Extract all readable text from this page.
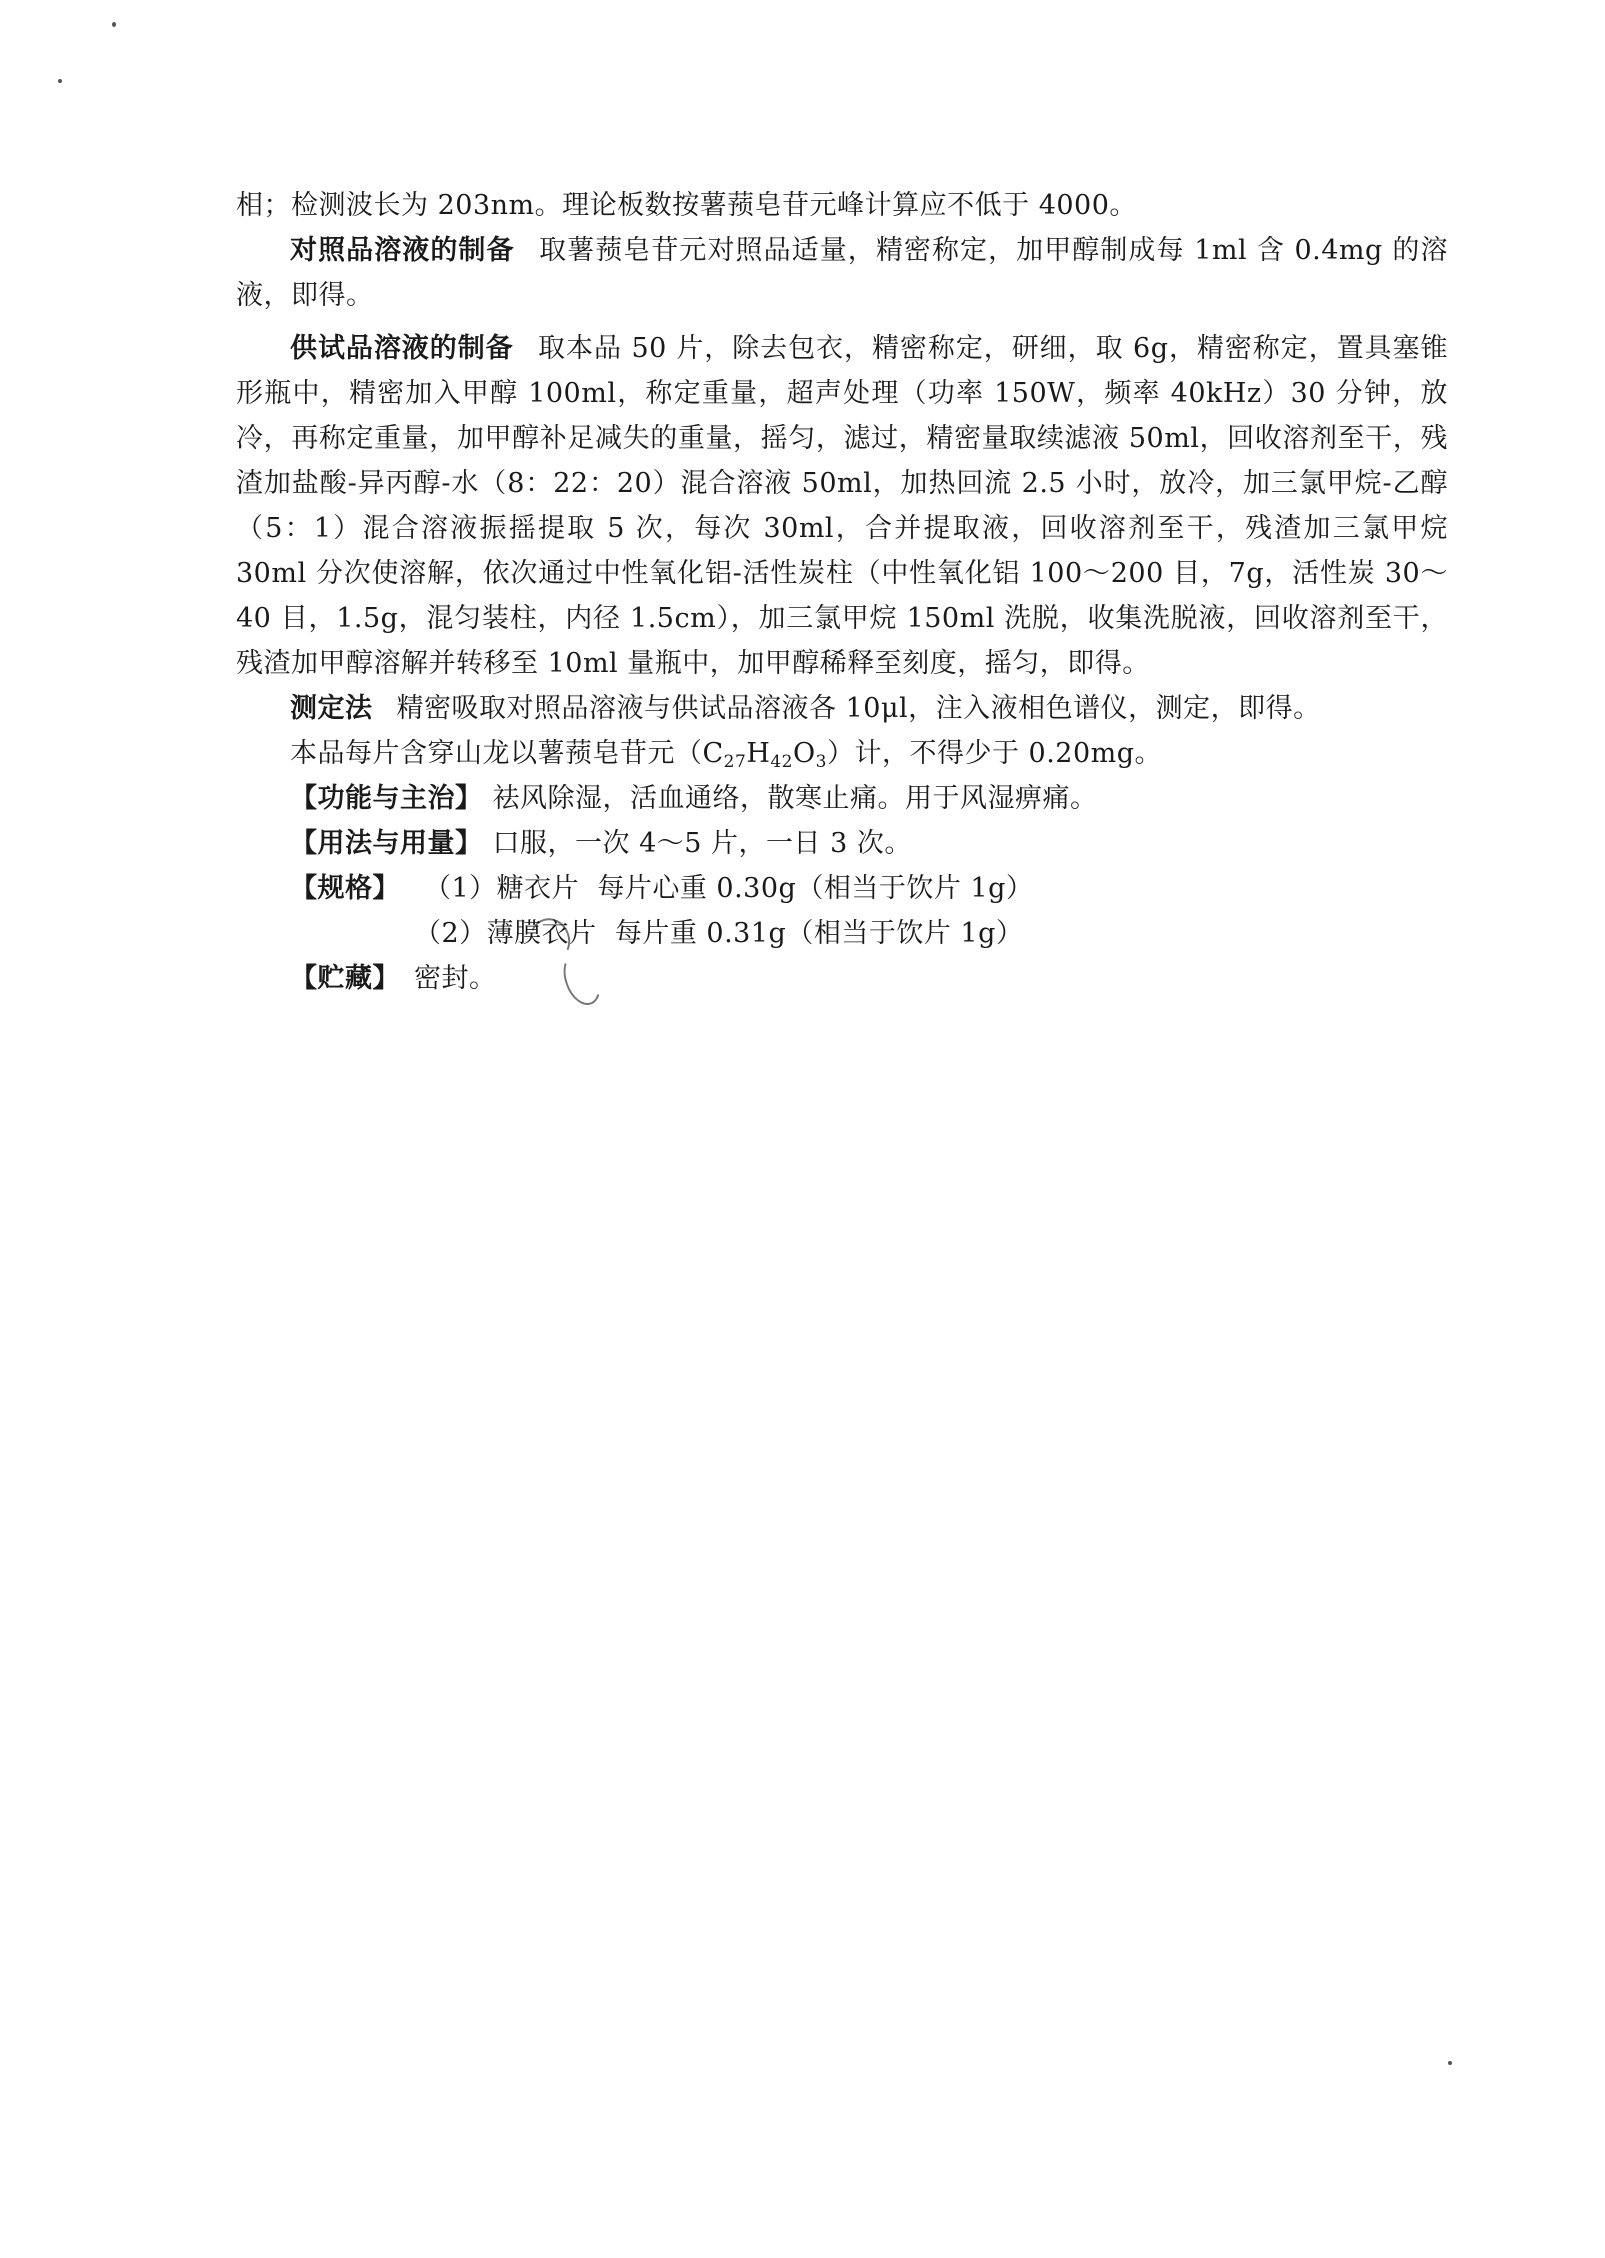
相；检测波长为 203nm。理论板数按薯蓣皂苷元峰计算应不低于 4000。

对照品溶液的制备 取薯蓣皂苷元对照品适量，精密称定，加甲醇制成每 1ml 含 0.4mg 的溶液，即得。

供试品溶液的制备 取本品 50 片，除去包衣，精密称定，研细，取 6g，精密称定，置具塞锥形瓶中，精密加入甲醇 100ml，称定重量，超声处理（功率 150W，频率 40kHz）30 分钟，放冷，再称定重量，加甲醇补足减失的重量，摇匀，滤过，精密量取续滤液 50ml，回收溶剂至干，残渣加盐酸-异丙醇-水（8：22：20）混合溶液 50ml，加热回流 2.5 小时，放冷，加三氯甲烷-乙醇（5：1）混合溶液振摇提取 5 次，每次 30ml，合并提取液，回收溶剂至干，残渣加三氯甲烷 30ml 分次使溶解，依次通过中性氧化铝-活性炭柱（中性氧化铝 100～200 目，7g，活性炭 30～40 目，1.5g，混匀装柱，内径 1.5cm），加三氯甲烷 150ml 洗脱，收集洗脱液，回收溶剂至干，残渣加甲醇溶解并转移至 10ml 量瓶中，加甲醇稀释至刻度，摇匀，即得。

测定法 精密吸取对照品溶液与供试品溶液各 10μl，注入液相色谱仪，测定，即得。

本品每片含穿山龙以薯蓣皂苷元$(C_{27}H_{42}O_3)$计，不得少于 0.20mg。

【功能与主治】 祛风除湿，活血通络，散寒止痛。用于风湿痹痛。

【用法与用量】 口服，一次 4～5 片，一日 3 次。

【规格】 （1）糖衣片  每片心重 0.30g（相当于饮片 1g）

（2）薄膜衣片  每片重 0.31g（相当于饮片 1g）

【贮藏】 密封。
